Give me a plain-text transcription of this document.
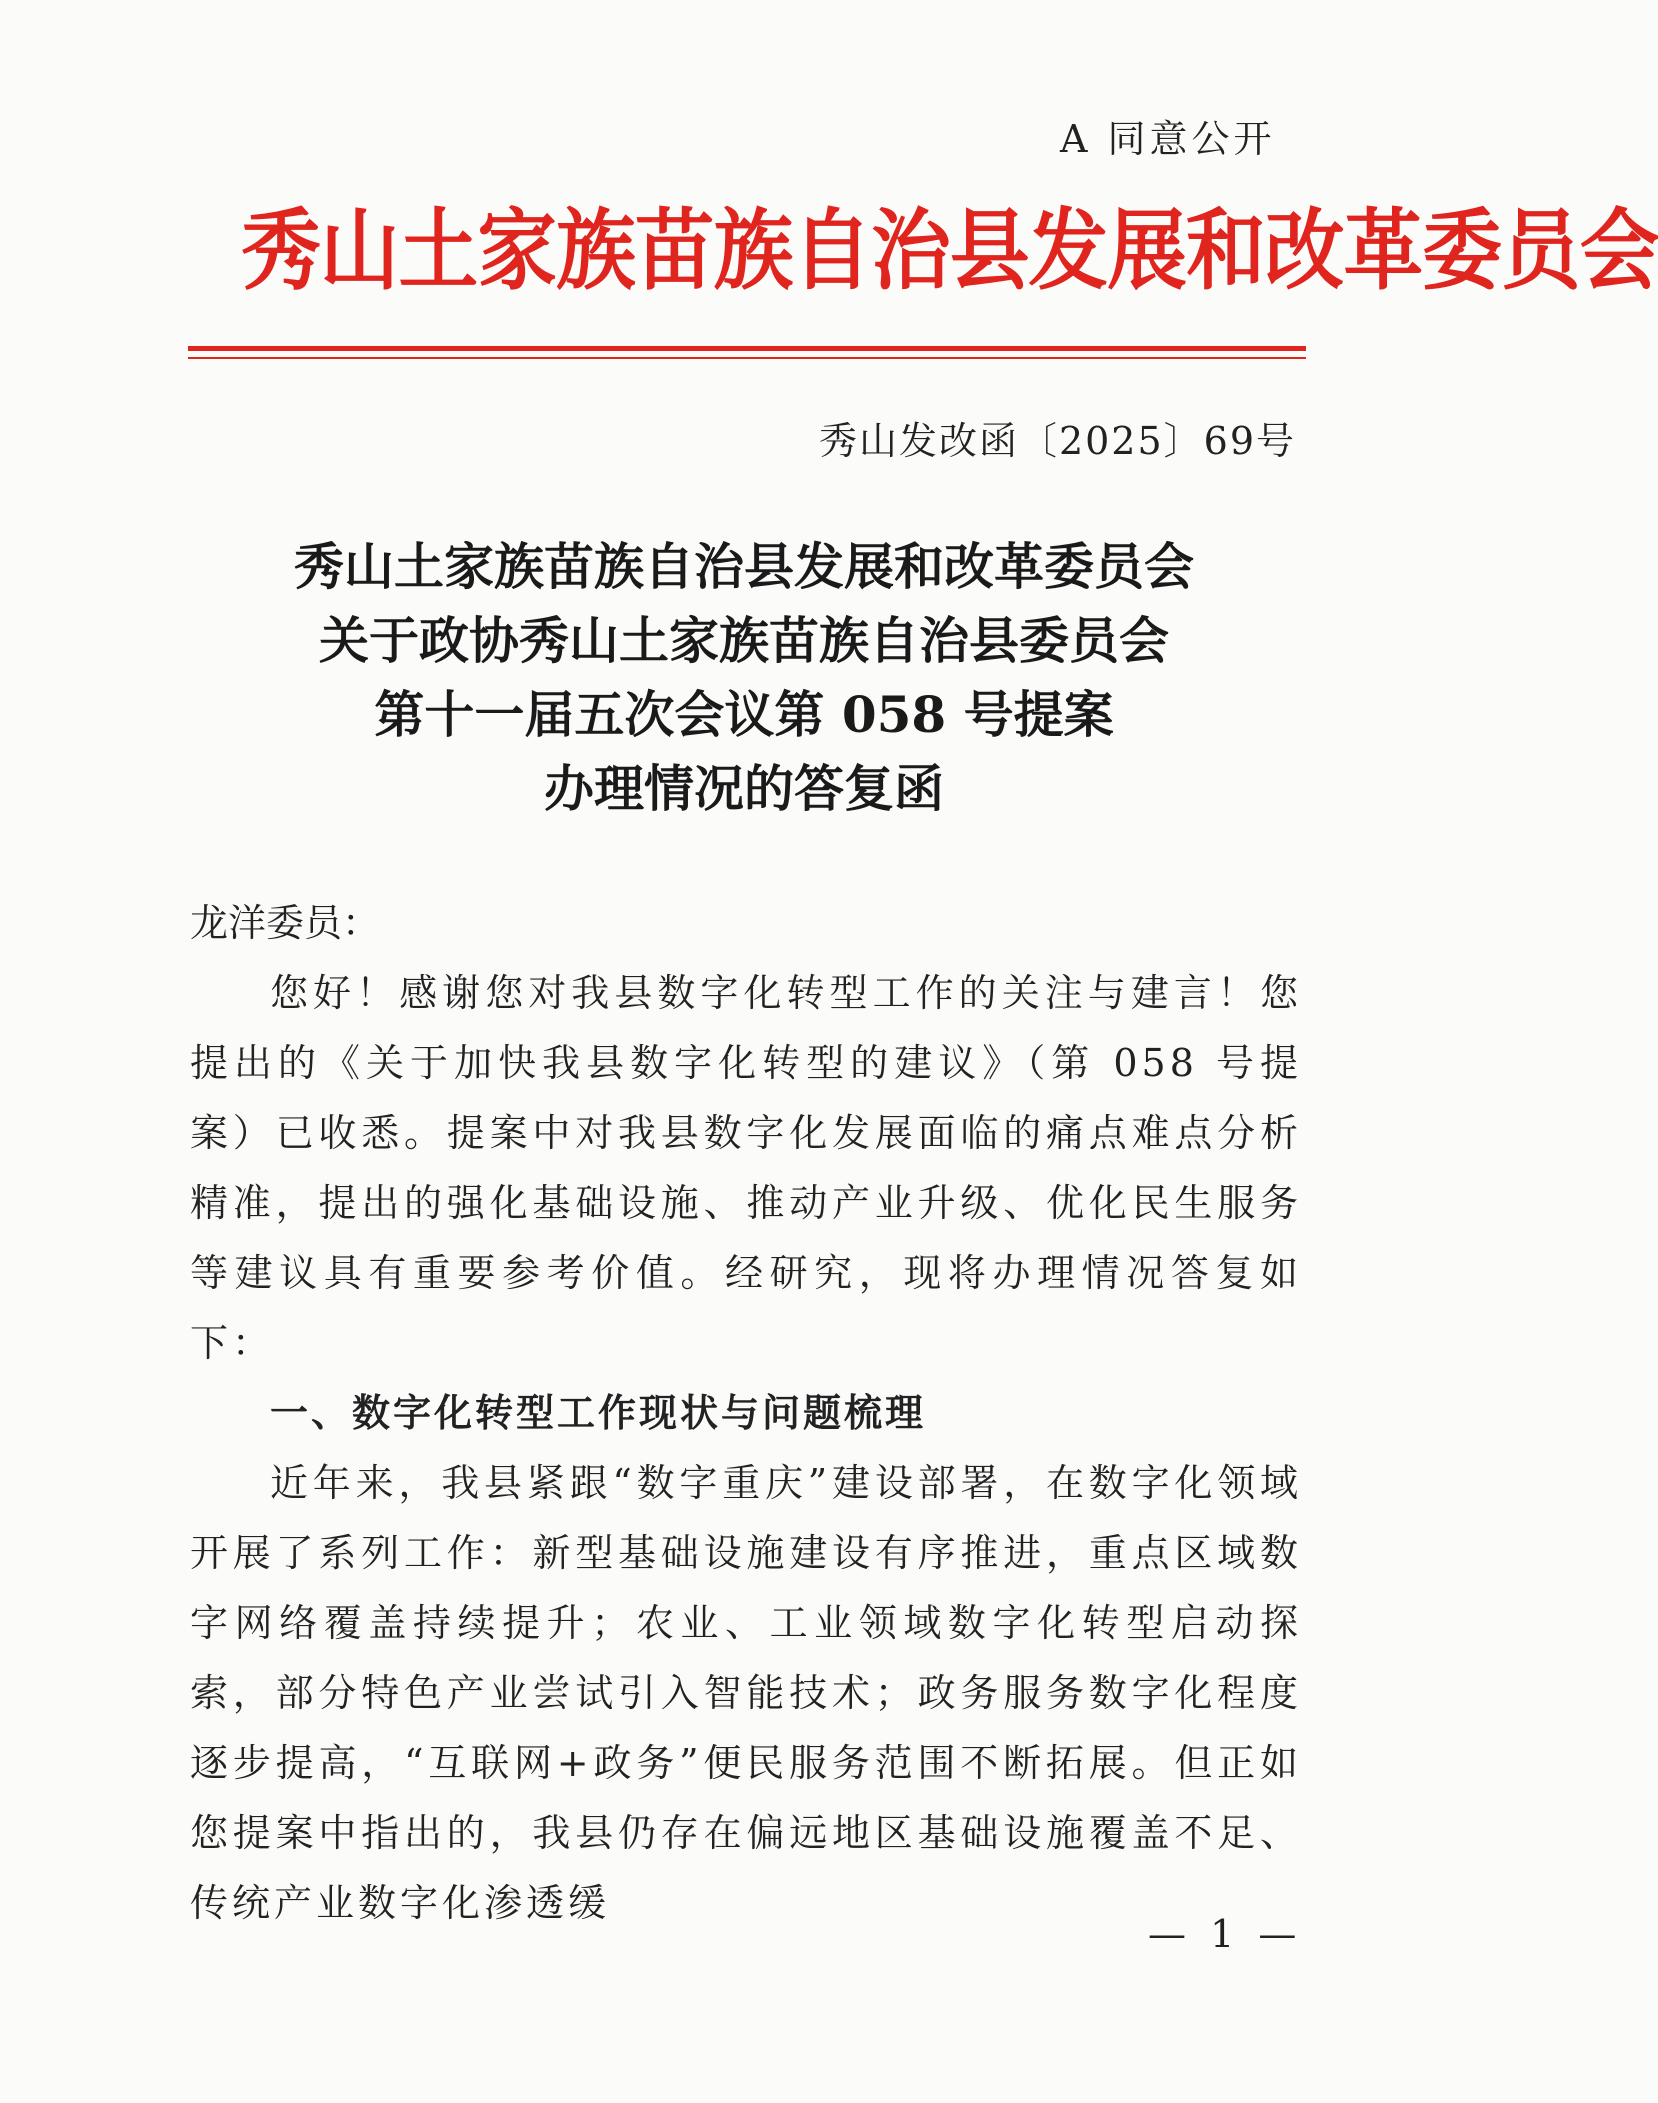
A 同意公开
秀山土家族苗族自治县发展和改革委员会
秀山发改函〔2025〕69号
秀山土家族苗族自治县发展和改革委员会
关于政协秀山土家族苗族自治县委员会
第十一届五次会议第 058 号提案
办理情况的答复函

龙洋委员：

您好！感谢您对我县数字化转型工作的关注与建言！您提出的《关于加快我县数字化转型的建议》（第 058 号提案）已收悉。提案中对我县数字化发展面临的痛点难点分析精准，提出的强化基础设施、推动产业升级、优化民生服务等建议具有重要参考价值。经研究，现将办理情况答复如下：

一、数字化转型工作现状与问题梳理

近年来，我县紧跟“数字重庆”建设部署，在数字化领域开展了系列工作：新型基础设施建设有序推进，重点区域数字网络覆盖持续提升；农业、工业领域数字化转型启动探索，部分特色产业尝试引入智能技术；政务服务数字化程度逐步提高，“互联网+政务”便民服务范围不断拓展。但正如您提案中指出的，我县仍存在偏远地区基础设施覆盖不足、传统产业数字化渗透缓

— 1 —
